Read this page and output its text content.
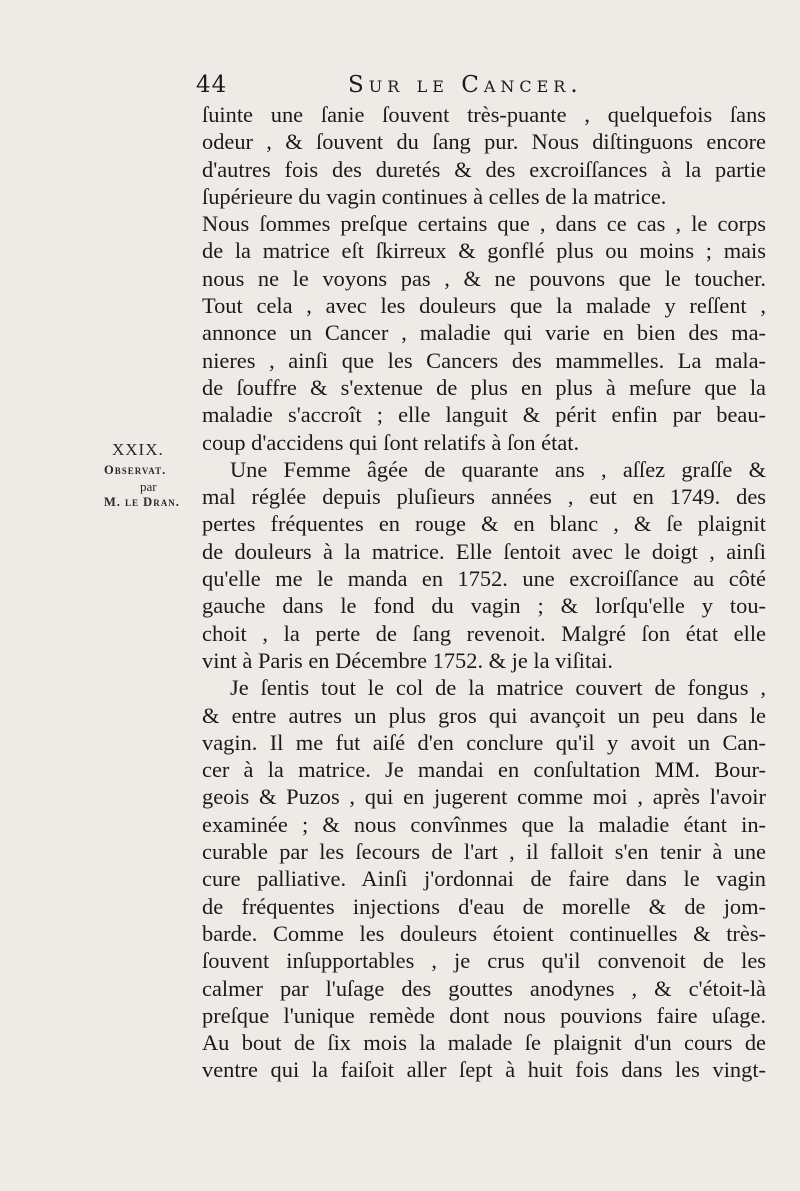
44	Sur le Cancer.
XXIX.
Observat.
par
M. le Dran.
ſuinte une ſanie ſouvent très-puante , quelquefois ſans
odeur , & ſouvent du ſang pur. Nous diſtinguons encore
d'autres fois des duretés & des excroiſſances à la partie
ſupérieure du vagin continues à celles de la matrice.
Nous ſommes preſque certains que , dans ce cas , le corps
de la matrice eſt ſkirreux & gonflé plus ou moins ; mais
nous ne le voyons pas , & ne pouvons que le toucher.
Tout cela , avec les douleurs que la malade y reſſent ,
annonce un Cancer , maladie qui varie en bien des ma-
nieres , ainſi que les Cancers des mammelles. La mala-
de ſouffre & s'extenue de plus en plus à meſure que la
maladie s'accroît ; elle languit & périt enfin par beau-
coup d'accidens qui ſont relatifs à ſon état.
Une Femme âgée de quarante ans , aſſez graſſe &
mal réglée depuis pluſieurs années , eut en 1749. des
pertes fréquentes en rouge & en blanc , & ſe plaignit
de douleurs à la matrice. Elle ſentoit avec le doigt , ainſi
qu'elle me le manda en 1752. une excroiſſance au côté
gauche dans le fond du vagin ; & lorſqu'elle y tou-
choit , la perte de ſang revenoit. Malgré ſon état elle
vint à Paris en Décembre 1752. & je la viſitai.
Je ſentis tout le col de la matrice couvert de fongus ,
& entre autres un plus gros qui avançoit un peu dans le
vagin. Il me fut aiſé d'en conclure qu'il y avoit un Can-
cer à la matrice. Je mandai en conſultation MM. Bour-
geois & Puzos , qui en jugerent comme moi , après l'avoir
examinée ; & nous convînmes que la maladie étant in-
curable par les ſecours de l'art , il falloit s'en tenir à une
cure palliative. Ainſi j'ordonnai de faire dans le vagin
de fréquentes injections d'eau de morelle & de jom-
barde. Comme les douleurs étoient continuelles & très-
ſouvent inſupportables , je crus qu'il convenoit de les
calmer par l'uſage des gouttes anodynes , & c'étoit-là
preſque l'unique remède dont nous pouvions faire uſage.
Au bout de ſix mois la malade ſe plaignit d'un cours de
ventre qui la faiſoit aller ſept à huit fois dans les vingt-
